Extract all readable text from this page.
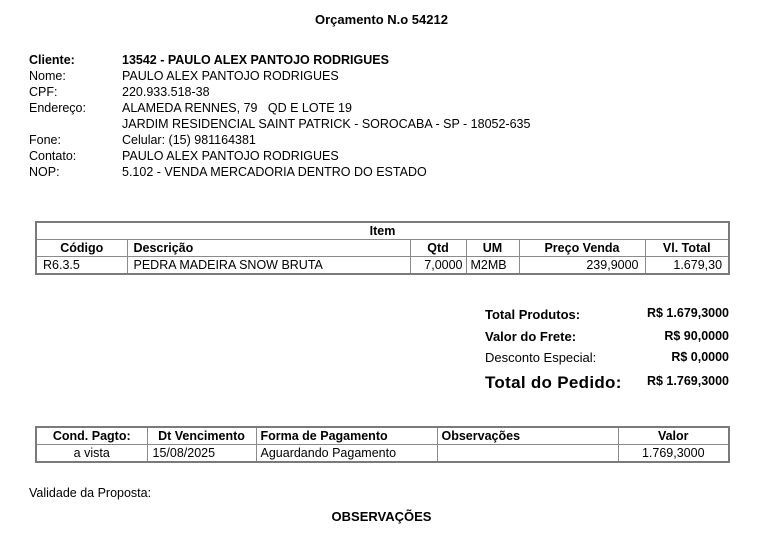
Orçamento N.o 54212
Cliente:	13542 - PAULO ALEX PANTOJO RODRIGUES
Nome:	PAULO ALEX PANTOJO RODRIGUES
CPF:	220.933.518-38
Endereço:	ALAMEDA RENNES, 79   QD E LOTE 19
JARDIM RESIDENCIAL SAINT PATRICK - SOROCABA - SP - 18052-635
Fone:	Celular: (15) 981164381
Contato:	PAULO ALEX PANTOJO RODRIGUES
NOP:	5.102 - VENDA MERCADORIA DENTRO DO ESTADO
Item					
Código	Descrição	Qtd	UM	Preço Venda	Vl. Total
R6.3.5	PEDRA MADEIRA SNOW BRUTA	7,0000	M2MB	239,9000	1.679,30
Total Produtos:	R$ 1.679,3000
Valor do Frete:	R$ 90,0000
Desconto Especial:	R$ 0,0000
Total do Pedido: R$ 1.769,3000
Cond. Pagto:	Dt Vencimento	Forma de Pagamento	Observações	Valor
a vista	15/08/2025	Aguardando Pagamento		1.769,3000
Validade da Proposta:
OBSERVAÇÕES
